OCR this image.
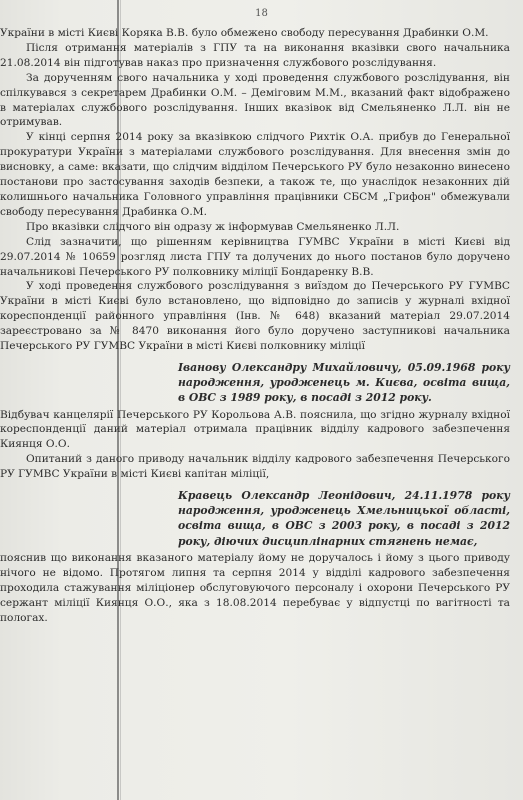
18

України в місті Києві Коряка В.В. було обмежено свободу пересування Драбинки О.М.

Після отримання матеріалів з ГПУ та на виконання вказівки свого начальника 21.08.2014 він підготував наказ про призначення службового розслідування.

За дорученням свого начальника у ході проведення службового розслідування, він спілкувався з секретарем Драбинки О.М. – Деміговим М.М., вказаний факт відображено в матеріалах службового розслідування. Інших вказівок від Смельяненко Л.Л. він не отримував.

У кінці серпня 2014 року за вказівкою слідчого Рихтік О.А. прибув до Генеральної прокуратури України з матеріалами службового розслідування. Для внесення змін до висновку, а саме: вказати, що слідчим відділом Печерського РУ було незаконно винесено постанови про застосування заходів безпеки, а також те, що унаслідок незаконних дій колишнього начальника Головного управління працівники СБСМ „Грифон" обмежували свободу пересування Драбинка О.М.

Про вказівки слідчого він одразу ж інформував Смельяненко Л.Л.

Слід зазначити, що рішенням керівництва ГУМВС України в місті Києві від 29.07.2014 № 10659 розгляд листа ГПУ та долучених до нього постанов було доручено начальникові Печерського РУ полковнику міліції Бондаренку В.В.

У ході проведення службового розслідування з виїздом до Печерського РУ ГУМВС України в місті Києві було встановлено, що відповідно до записів у журналі вхідної кореспонденції районного управління (Інв. № 648) вказаний матеріал 29.07.2014 зареєстровано за № 8470 виконання його було доручено заступникові начальника Печерського РУ ГУМВС України в місті Києві полковнику міліції

Іванову Олександру Михайловичу, 05.09.1968 року народження, уродженець м. Києва, освіта вища, в ОВС з 1989 року, в посаді з 2012 року.

Відбувач канцелярії Печерського РУ Корольова А.В. пояснила, що згідно журналу вхідної кореспонденції даний матеріал отримала працівник відділу кадрового забезпечення Киянця О.О.

Опитаний з даного приводу начальник відділу кадрового забезпечення Печерського РУ ГУМВС України в місті Києві капітан міліції,

Кравець Олександр Леонідович, 24.11.1978 року народження, уродженець Хмельницької області, освіта вища, в ОВС з 2003 року, в посаді з 2012 року, діючих дисциплінарних стягнень немає,

пояснив що виконання вказаного матеріалу йому не доручалось і йому з цього приводу нічого не відомо. Протягом липня та серпня 2014 у відділі кадрового забезпечення проходила стажування міліціонер обслуговуючого персоналу і охорони Печерського РУ сержант міліції Киянця О.О., яка з 18.08.2014 перебуває у відпустці по вагітності та пологах.
